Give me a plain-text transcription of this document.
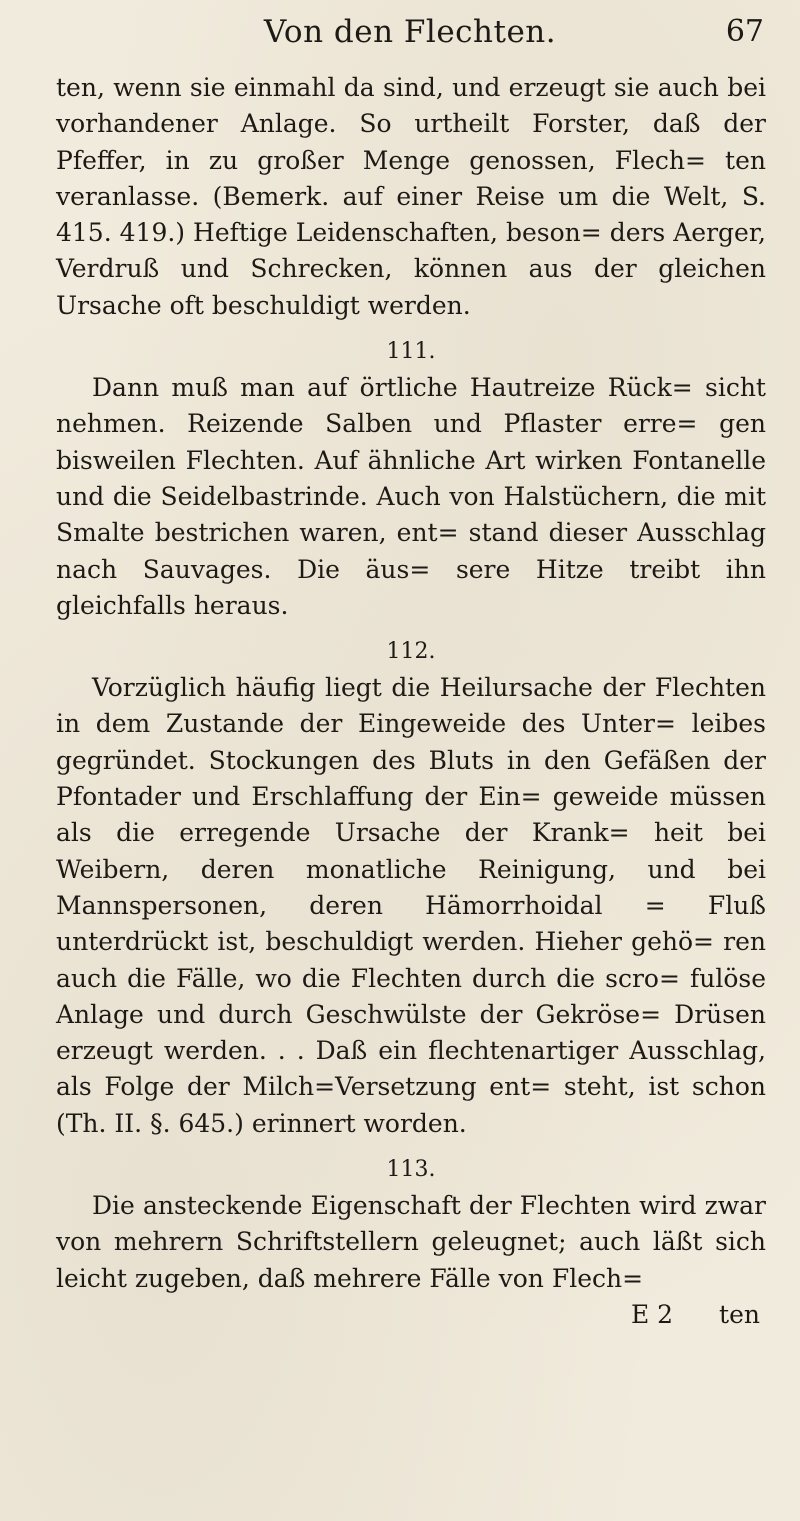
Von den Flechten.	67

ten, wenn sie einmahl da sind, und erzeugt sie auch bei vorhandener Anlage. So urtheilt Forster, daß der Pfeffer, in zu großer Menge genossen, Flech= ten veranlasse. (Bemerk. auf einer Reise um die Welt, S. 415. 419.) Heftige Leidenschaften, beson= ders Aerger, Verdruß und Schrecken, können aus der gleichen Ursache oft beschuldigt werden.

111.

Dann muß man auf örtliche Hautreize Rück= sicht nehmen. Reizende Salben und Pflaster erre= gen bisweilen Flechten. Auf ähnliche Art wirken Fontanelle und die Seidelbastrinde. Auch von Halstüchern, die mit Smalte bestrichen waren, ent= stand dieser Ausschlag nach Sauvages. Die äus= sere Hitze treibt ihn gleichfalls heraus.

112.

Vorzüglich häufig liegt die Heilursache der Flechten in dem Zustande der Eingeweide des Unter= leibes gegründet. Stockungen des Bluts in den Gefäßen der Pfontader und Erschlaffung der Ein= geweide müssen als die erregende Ursache der Krank= heit bei Weibern, deren monatliche Reinigung, und bei Mannspersonen, deren Hämorrhoidal = Fluß unterdrückt ist, beschuldigt werden. Hieher gehö= ren auch die Fälle, wo die Flechten durch die scro= fulöse Anlage und durch Geschwülste der Gekröse= Drüsen erzeugt werden. . . Daß ein flechtenartiger Ausschlag, als Folge der Milch=Versetzung ent= steht, ist schon (Th. II. §. 645.) erinnert worden.

113.

Die ansteckende Eigenschaft der Flechten wird zwar von mehrern Schriftstellern geleugnet; auch läßt sich leicht zugeben, daß mehrere Fälle von Flech=

E 2 ten
